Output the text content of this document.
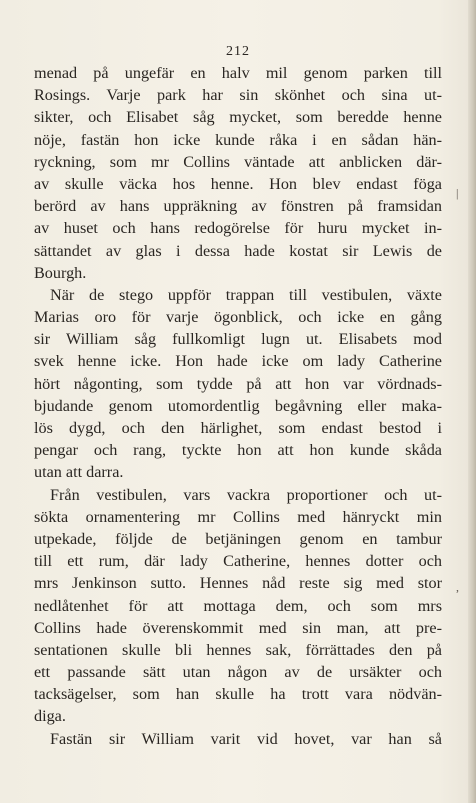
212
menad på ungefär en halv mil genom parken till
Rosings. Varje park har sin skönhet och sina ut-
sikter, och Elisabet såg mycket, som beredde henne
nöje, fastän hon icke kunde råka i en sådan hän-
ryckning, som mr Collins väntade att anblicken där-
av skulle väcka hos henne. Hon blev endast föga
berörd av hans uppräkning av fönstren på framsidan
av huset och hans redogörelse för huru mycket in-
sättandet av glas i dessa hade kostat sir Lewis de
Bourgh.
När de stego uppför trappan till vestibulen, växte
Marias oro för varje ögonblick, och icke en gång
sir William såg fullkomligt lugn ut. Elisabets mod
svek henne icke. Hon hade icke om lady Catherine
hört någonting, som tydde på att hon var vördnads-
bjudande genom utomordentlig begåvning eller maka-
lös dygd, och den härlighet, som endast bestod i
pengar och rang, tyckte hon att hon kunde skåda
utan att darra.
Från vestibulen, vars vackra proportioner och ut-
sökta ornamentering mr Collins med hänryckt min
utpekade, följde de betjäningen genom en tambur
till ett rum, där lady Catherine, hennes dotter och
mrs Jenkinson sutto. Hennes nåd reste sig med stor
nedlåtenhet för att mottaga dem, och som mrs
Collins hade överenskommit med sin man, att pre-
sentationen skulle bli hennes sak, förrättades den på
ett passande sätt utan någon av de ursäkter och
tacksägelser, som han skulle ha trott vara nödvän-
diga.
Fastän sir William varit vid hovet, var han så
|
,
